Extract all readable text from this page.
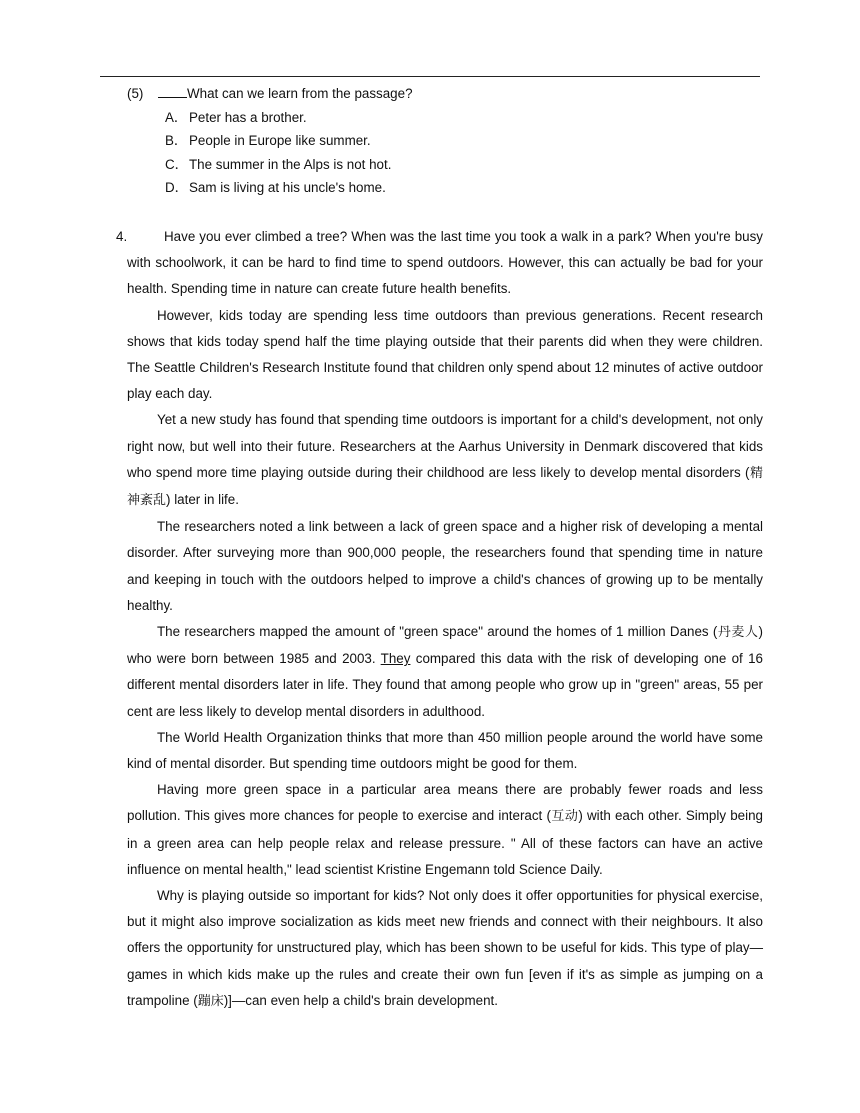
(5)	What can we learn from the passage?
A． Peter has a brother.
B． People in Europe like summer.
C．The summer in the Alps is not hot.
D．Sam is living at his uncle's home.

4.	Have you ever climbed a tree? When was the last time you took a walk in a park? When you're busy with schoolwork, it can be hard to find time to spend outdoors. However, this can actually be bad for your health. Spending time in nature can create future health benefits.

However, kids today are spending less time outdoors than previous generations. Recent research shows that kids today spend half the time playing outside that their parents did when they were children. The Seattle Children's Research Institute found that children only spend about 12 minutes of active outdoor play each day.

Yet a new study has found that spending time outdoors is important for a child's development, not only right now, but well into their future. Researchers at the Aarhus University in Denmark discovered that kids who spend more time playing outside during their childhood are less likely to develop mental disorders (精神紊乱) later in life.

The researchers noted a link between a lack of green space and a higher risk of developing a mental disorder. After surveying more than 900,000 people, the researchers found that spending time in nature and keeping in touch with the outdoors helped to improve a child's chances of growing up to be mentally healthy.

The researchers mapped the amount of "green space" around the homes of 1 million Danes (丹麦人) who were born between 1985 and 2003. They compared this data with the risk of developing one of 16 different mental disorders later in life. They found that among people who grow up in "green" areas, 55 per cent are less likely to develop mental disorders in adulthood.

The World Health Organization thinks that more than 450 million people around the world have some kind of mental disorder. But spending time outdoors might be good for them.

Having more green space in a particular area means there are probably fewer roads and less pollution. This gives more chances for people to exercise and interact (互动) with each other. Simply being in a green area can help people relax and release pressure. " All of these factors can have an active influence on mental health," lead scientist Kristine Engemann told Science Daily.

Why is playing outside so important for kids? Not only does it offer opportunities for physical exercise, but it might also improve socialization as kids meet new friends and connect with their neighbours. It also offers the opportunity for unstructured play, which has been shown to be useful for kids. This type of play—games in which kids make up the rules and create their own fun [even if it's as simple as jumping on a trampoline (蹦床)]—can even help a child's brain development.
